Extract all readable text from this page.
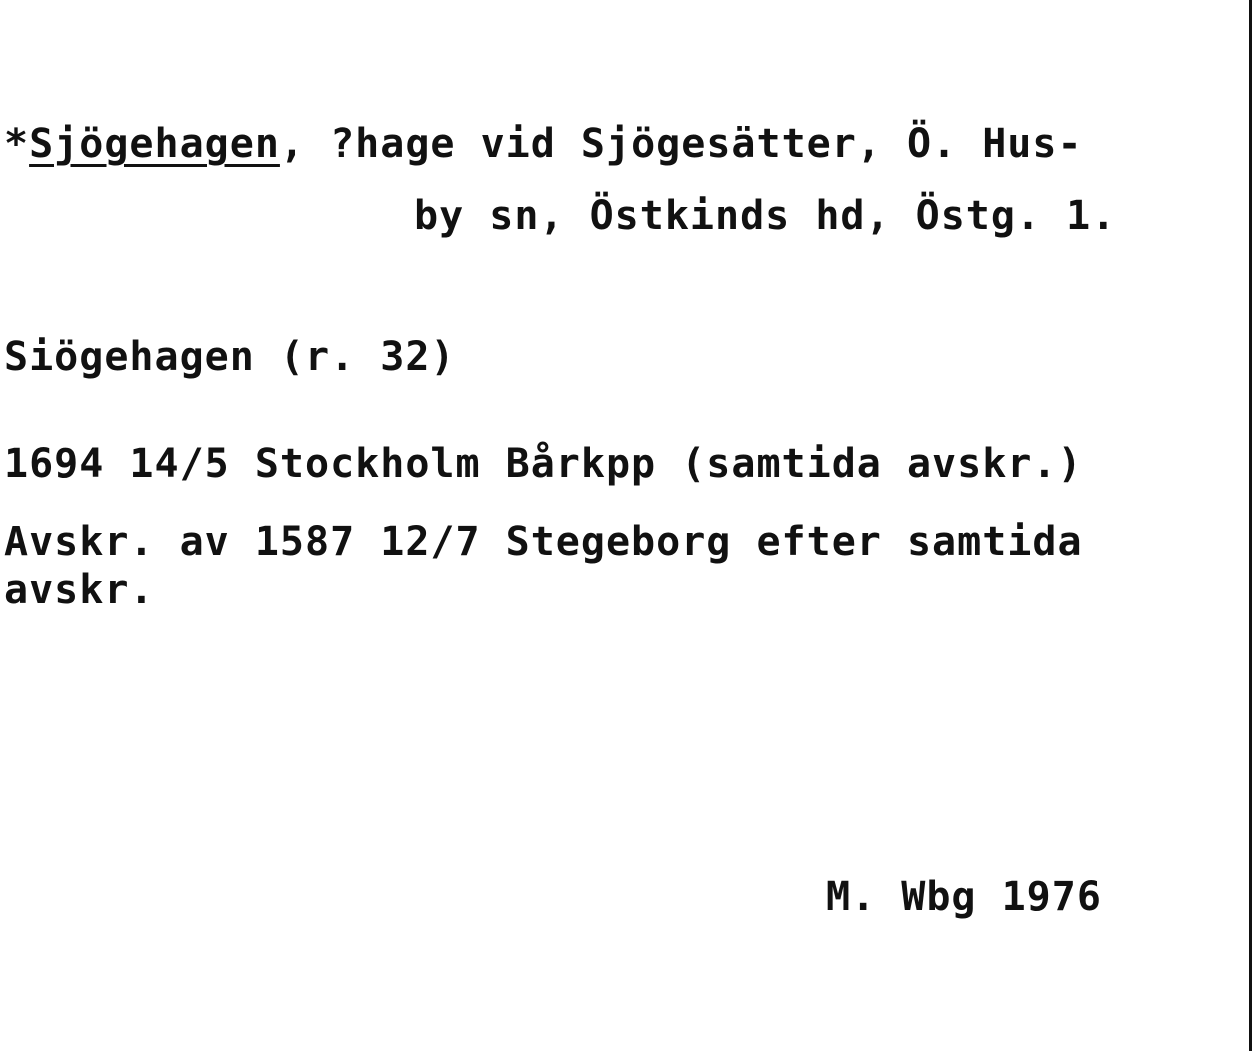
*Sjögehagen, ?hage vid Sjögesätter, Ö. Hus-
by sn, Östkinds hd, Östg. 1.
Siögehagen (r. 32)
1694 14/5 Stockholm Bårkpp (samtida avskr.)
Avskr. av 1587 12/7 Stegeborg efter samtida
avskr.
M. Wbg 1976
